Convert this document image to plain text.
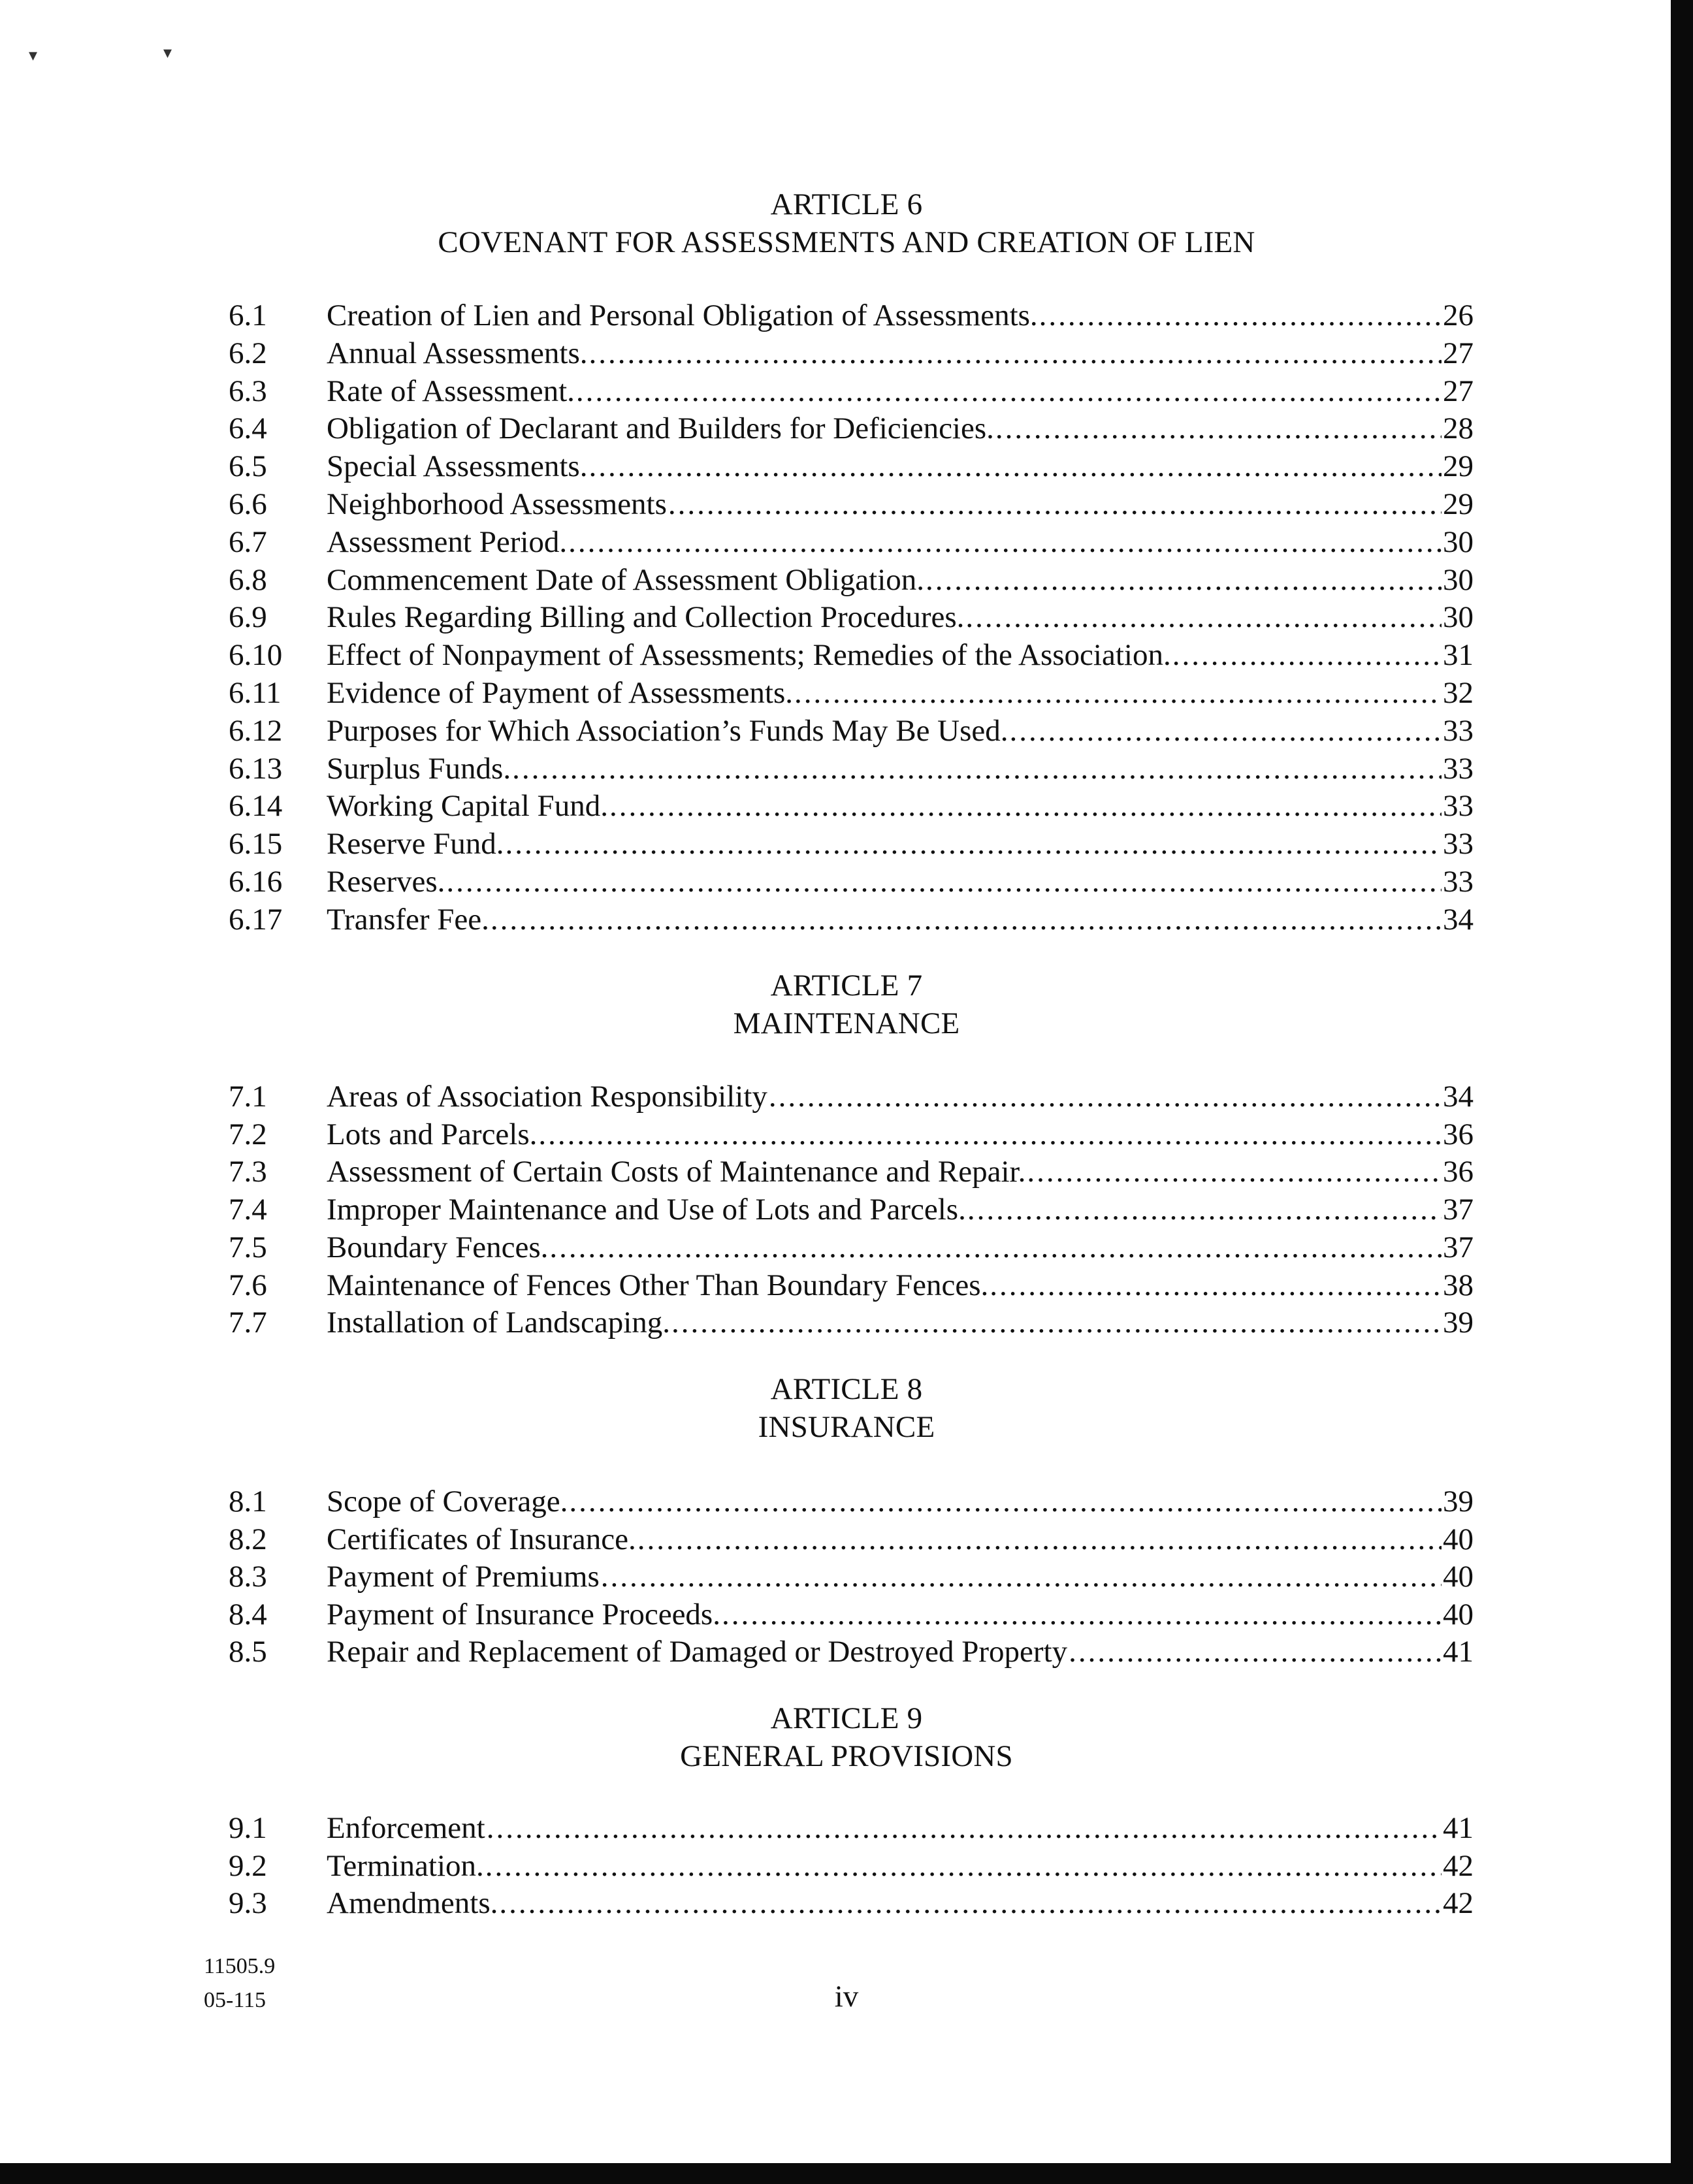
▾	▾
ARTICLE 6
COVENANT FOR ASSESSMENTS AND CREATION OF LIEN
6.1 Creation of Lien and Personal Obligation of Assessments. .....	26
6.2 Annual Assessments. .....	27
6.3 Rate of Assessment. .....	27
6.4 Obligation of Declarant and Builders for Deficiencies. .....	28
6.5 Special Assessments. .....	29
6.6 Neighborhood Assessments .....	29
6.7 Assessment Period. .....	30
6.8 Commencement Date of Assessment Obligation. .....	30
6.9 Rules Regarding Billing and Collection Procedures. .....	30
6.10 Effect of Nonpayment of Assessments; Remedies of the Association. .....	31
6.11 Evidence of Payment of Assessments. .....	32
6.12 Purposes for Which Association’s Funds May Be Used. .....	33
6.13 Surplus Funds. .....	33
6.14 Working Capital Fund. .....	33
6.15 Reserve Fund. .....	33
6.16 Reserves. .....	33
6.17 Transfer Fee. .....	34
ARTICLE 7
MAINTENANCE
7.1 Areas of Association Responsibility .....	34
7.2 Lots and Parcels. .....	36
7.3 Assessment of Certain Costs of Maintenance and Repair. .....	36
7.4 Improper Maintenance and Use of Lots and Parcels. .....	37
7.5 Boundary Fences. .....	37
7.6 Maintenance of Fences Other Than Boundary Fences. .....	38
7.7 Installation of Landscaping. .....	39
ARTICLE 8
INSURANCE
8.1 Scope of Coverage. .....	39
8.2 Certificates of Insurance. .....	40
8.3 Payment of Premiums .....	40
8.4 Payment of Insurance Proceeds. .....	40
8.5 Repair and Replacement of Damaged or Destroyed Property .....	41
ARTICLE 9
GENERAL PROVISIONS
9.1 Enforcement .....	41
9.2 Termination. .....	42
9.3 Amendments. .....	42
11505.9
05-115	iv
